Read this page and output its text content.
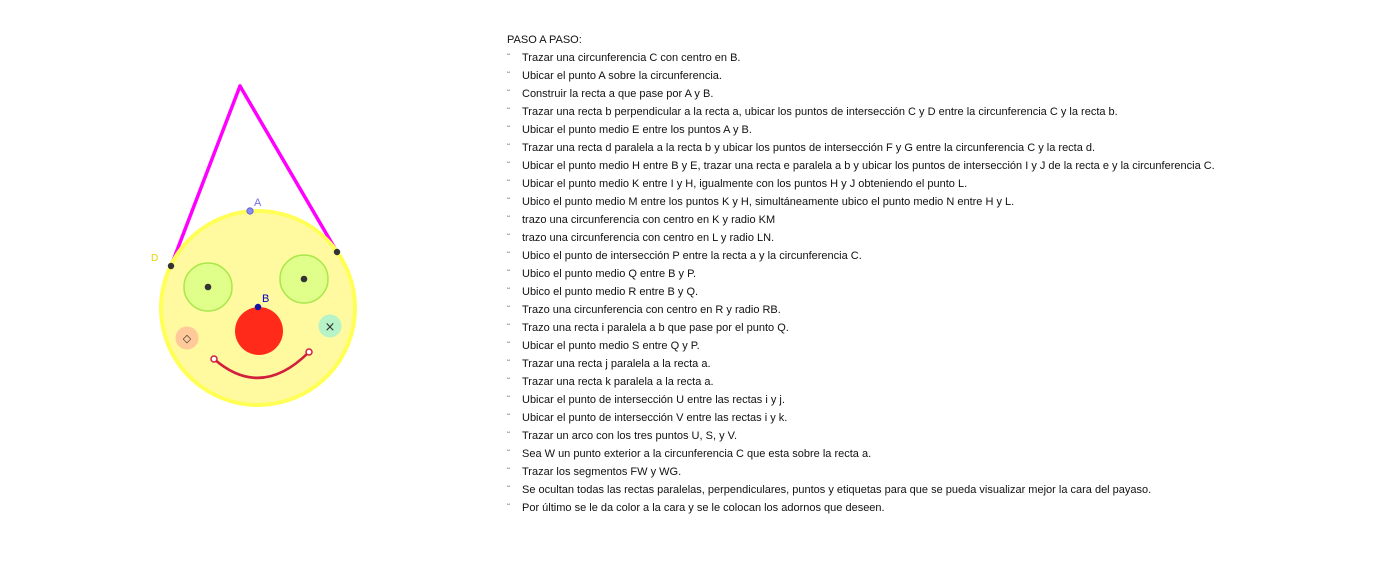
◇
×
A
B
D
PASO A PASO:
ᵕ Trazar una circunferencia C con centro en B.
ᵕ Ubicar el punto A sobre la circunferencia.
ᵕ Construir la recta a que pase por A y B.
ᵕ Trazar una recta b perpendicular a la recta a, ubicar los puntos de intersección C y D entre la circunferencia C y la recta b.
ᵕ Ubicar el punto medio E entre los puntos A y B.
ᵕ Trazar una recta d paralela a la recta b y ubicar los puntos de intersección F y G entre la circunferencia C y la recta d.
ᵕ Ubicar el punto medio H entre B y E, trazar una recta e paralela a b y ubicar los puntos de intersección I y J de la recta e y la circunferencia C.
ᵕ Ubicar el punto medio K entre I y H, igualmente con los puntos H y J obteniendo el punto L.
ᵕ Ubico el punto medio M entre los puntos K y H, simultáneamente ubico el punto medio N entre H y L.
ᵕ trazo una circunferencia con centro en K y radio KM
ᵕ trazo una circunferencia con centro en L y radio LN.
ᵕ Ubico el punto de intersección P entre la recta a y la circunferencia C.
ᵕ Ubico el punto medio Q entre B y P.
ᵕ Ubico el punto medio R entre B y Q.
ᵕ Trazo una circunferencia con centro en R y radio RB.
ᵕ Trazo una recta i paralela a b que pase por el punto Q.
ᵕ Ubicar el punto medio S entre Q y P.
ᵕ Trazar una recta j paralela a la recta a.
ᵕ Trazar una recta k paralela a la recta a.
ᵕ Ubicar el punto de intersección U entre las rectas i y j.
ᵕ Ubicar el punto de intersección V entre las rectas i y k.
ᵕ Trazar un arco con los tres puntos U, S, y V.
ᵕ Sea W un punto exterior a la circunferencia C que esta sobre la recta a.
ᵕ Trazar los segmentos FW y WG.
ᵕ Se ocultan todas las rectas paralelas, perpendiculares, puntos y etiquetas para que se pueda visualizar mejor la cara del payaso.
ᵕ Por último se le da color a la cara y se le colocan los adornos que deseen.
